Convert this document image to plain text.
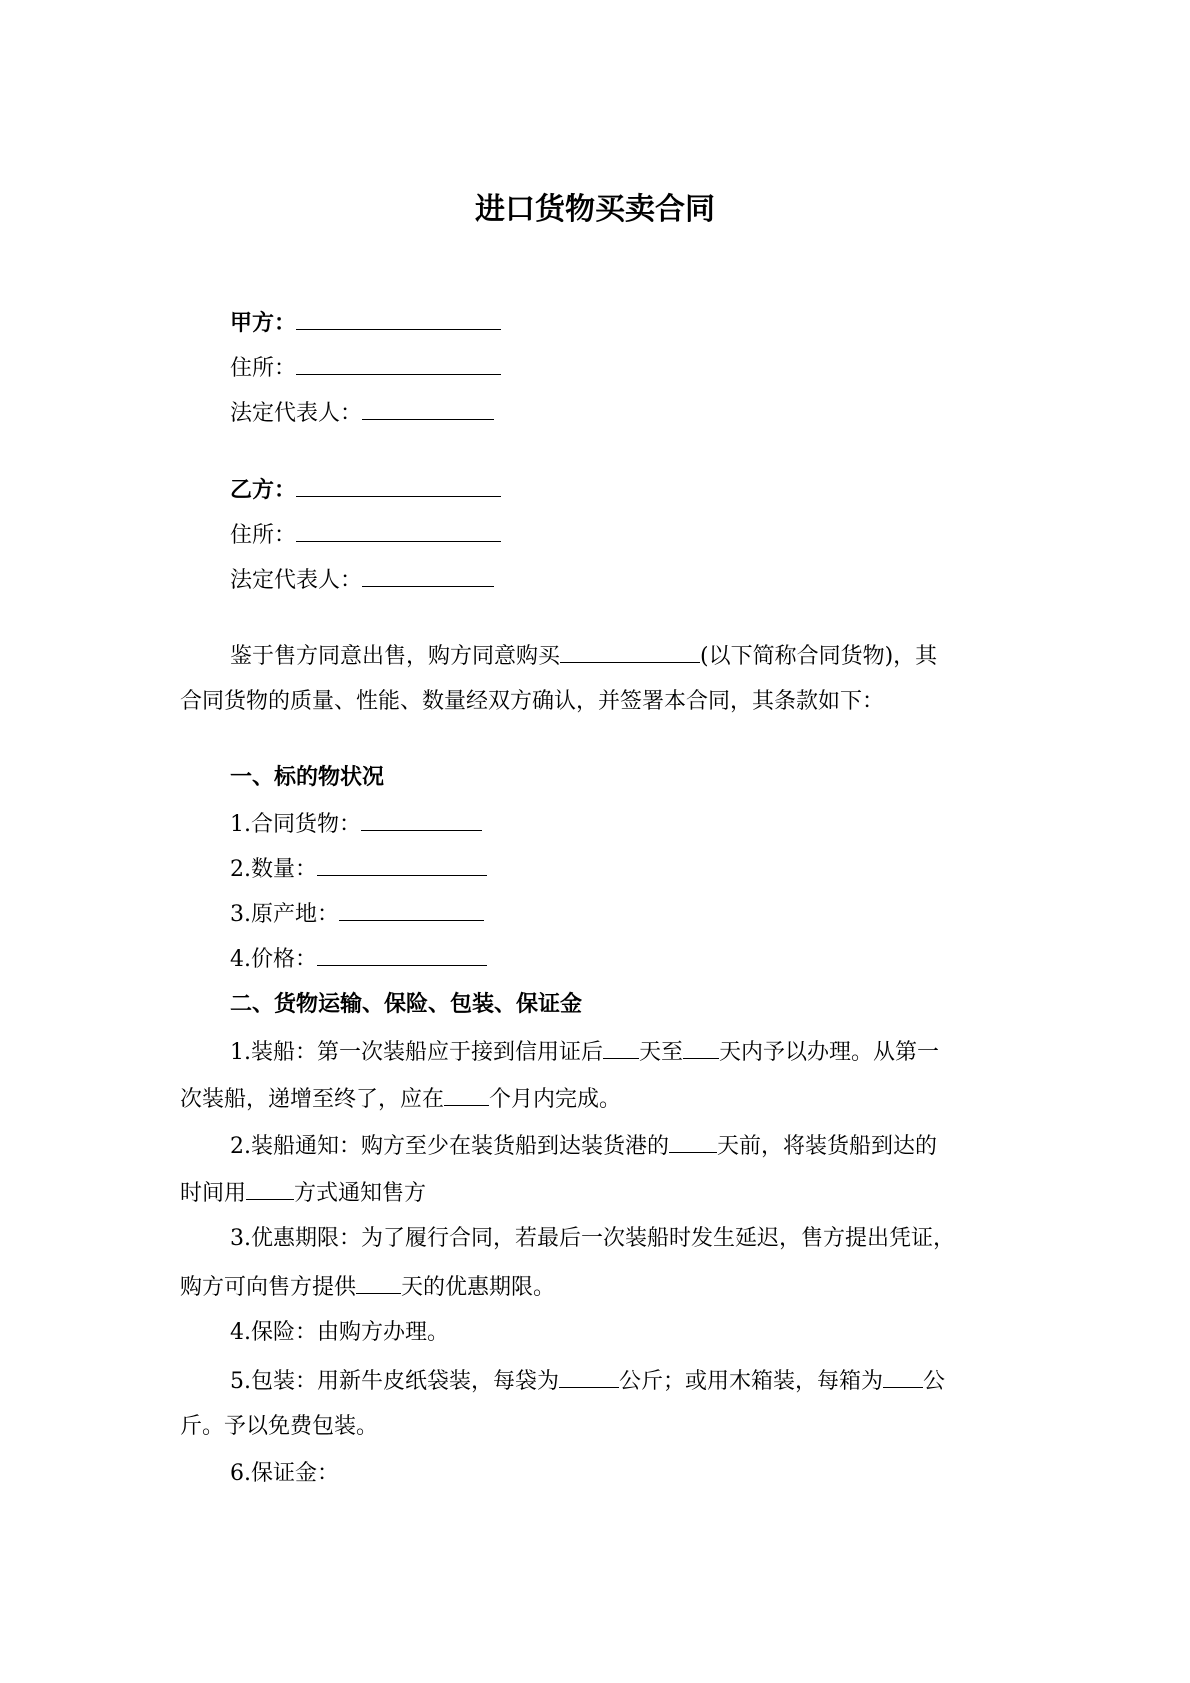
进口货物买卖合同
甲方：
住所：
法定代表人：
乙方：
住所：
法定代表人：
鉴于售方同意出售，购方同意购买	(以下简称合同货物)，其
合同货物的质量、性能、数量经双方确认，并签署本合同，其条款如下：
一、标的物状况
1.合同货物：
2.数量：
3.原产地：
4.价格：
二、货物运输、保险、包装、保证金
1.装船：第一次装船应于接到信用证后 天至 天内予以办理。从第一
次装船，递增至终了，应在 个月内完成。
2.装船通知：购方至少在装货船到达装货港的 天前，将装货船到达的
时间用 方式通知售方
3.优惠期限：为了履行合同，若最后一次装船时发生延迟，售方提出凭证，
购方可向售方提供 天的优惠期限。
4.保险：由购方办理。
5.包装：用新牛皮纸袋装，每袋为	公斤；或用木箱装，每箱为 公
斤。予以免费包装。
6.保证金：
